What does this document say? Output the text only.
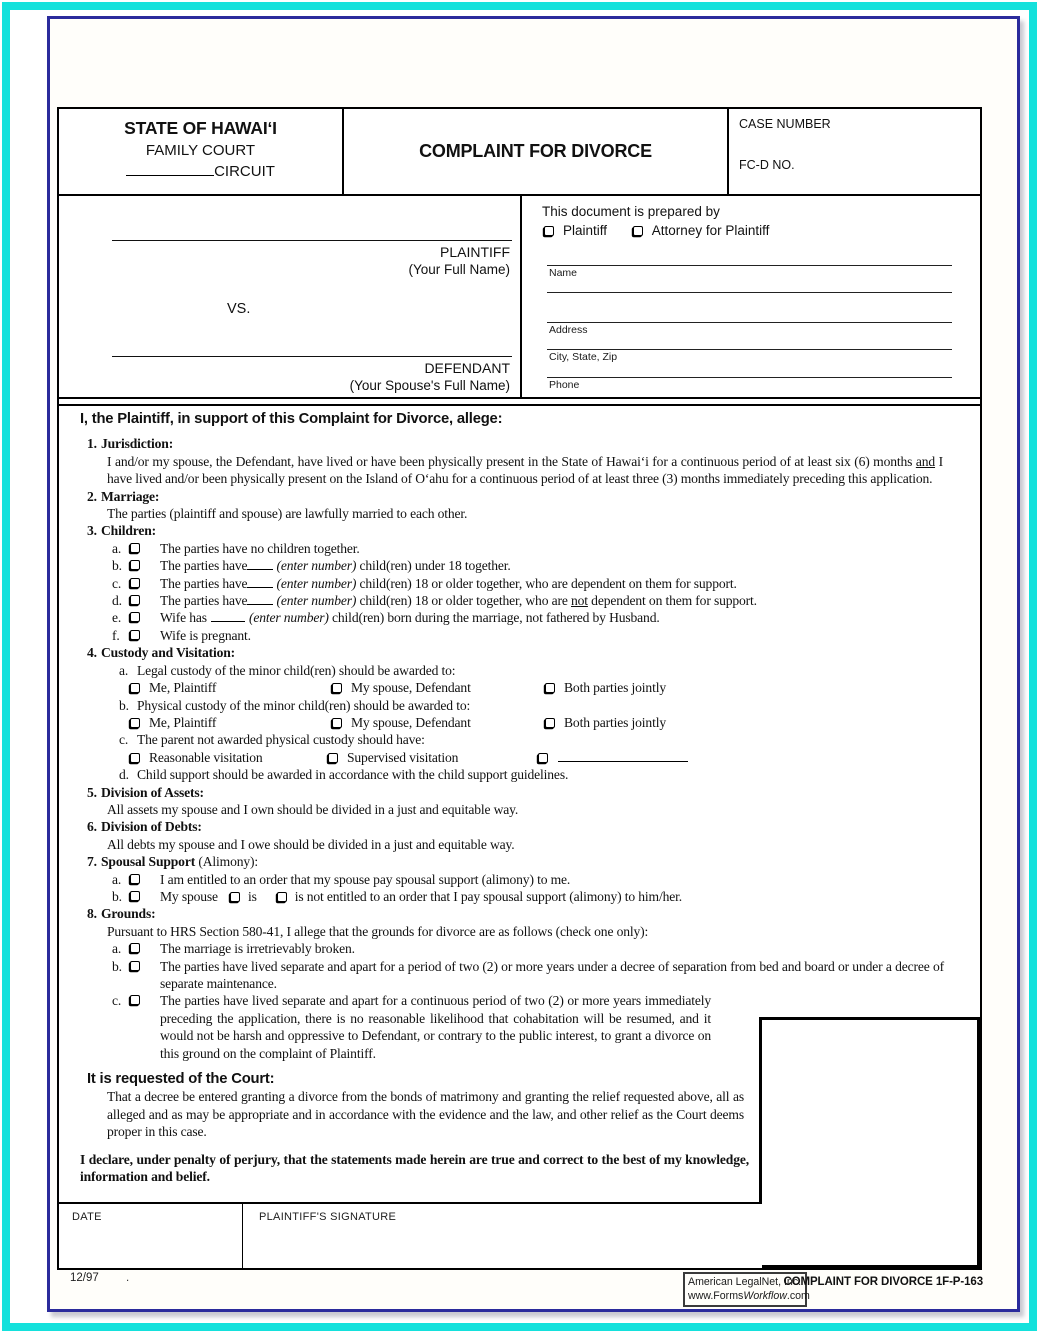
STATE OF HAWAIʻI
FAMILY COURT
CIRCUIT
COMPLAINT FOR DIVORCE
CASE NUMBER
FC-D NO.
PLAINTIFF
(Your Full Name)
VS.
DEFENDANT
(Your Spouse's Full Name)
This document is prepared by
Plaintiff	Attorney for Plaintiff
Name
Address
City, State, Zip
Phone
I, the Plaintiff, in support of this Complaint for Divorce, allege:
1. Jurisdiction:
I and/or my spouse, the Defendant, have lived or have been physically present in the State of Hawaiʻi for a continuous period of at least six (6) months and I have lived and/or been physically present on the Island of Oʻahu for a continuous period of at least three (3) months immediately preceding this application.
2. Marriage:
The parties (plaintiff and spouse) are lawfully married to each other.
3. Children:
a.	The parties have no children together.
b.	The parties have (enter number) child(ren) under 18 together.
c.	The parties have (enter number) child(ren) 18 or older together, who are dependent on them for support.
d.	The parties have (enter number) child(ren) 18 or older together, who are not dependent on them for support.
e.	Wife has	(enter number) child(ren) born during the marriage, not fathered by Husband.
f.	Wife is pregnant.
4. Custody and Visitation:
a. Legal custody of the minor child(ren) should be awarded to:
Me, Plaintiff	My spouse, Defendant	Both parties jointly
b. Physical custody of the minor child(ren) should be awarded to:
Me, Plaintiff	My spouse, Defendant	Both parties jointly
c. The parent not awarded physical custody should have:
Reasonable visitation	Supervised visitation
d. Child support should be awarded in accordance with the child support guidelines.
5. Division of Assets:
All assets my spouse and I own should be divided in a just and equitable way.
6. Division of Debts:
All debts my spouse and I owe should be divided in a just and equitable way.
7. Spousal Support (Alimony):
a.	I am entitled to an order that my spouse pay spousal support (alimony) to me.
b.	My spouse is	is not entitled to an order that I pay spousal support (alimony) to him/her.
8. Grounds:
Pursuant to HRS Section 580-41, I allege that the grounds for divorce are as follows (check one only):
a.	The marriage is irretrievably broken.
b.	The parties have lived separate and apart for a period of two (2) or more years under a decree of separation from bed and board or under a decree of separate maintenance.
c.	The parties have lived separate and apart for a continuous period of two (2) or more years immediately preceding the application, there is no reasonable likelihood that cohabitation will be resumed, and it would not be harsh and oppressive to Defendant, or contrary to the public interest, to grant a divorce on this ground on the complaint of Plaintiff.
It is requested of the Court:
That a decree be entered granting a divorce from the bonds of matrimony and granting the relief requested above, all as alleged and as may be appropriate and in accordance with the evidence and the law, and other relief as the Court deems proper in this case.
I declare, under penalty of perjury, that the statements made herein are true and correct to the best of my knowledge, information and belief.
DATE	PLAINTIFF'S SIGNATURE
12/97 .	American LegalNet, Inc.
www.FormsWorkflow.com
COMPLAINT FOR DIVORCE 1F-P-163
